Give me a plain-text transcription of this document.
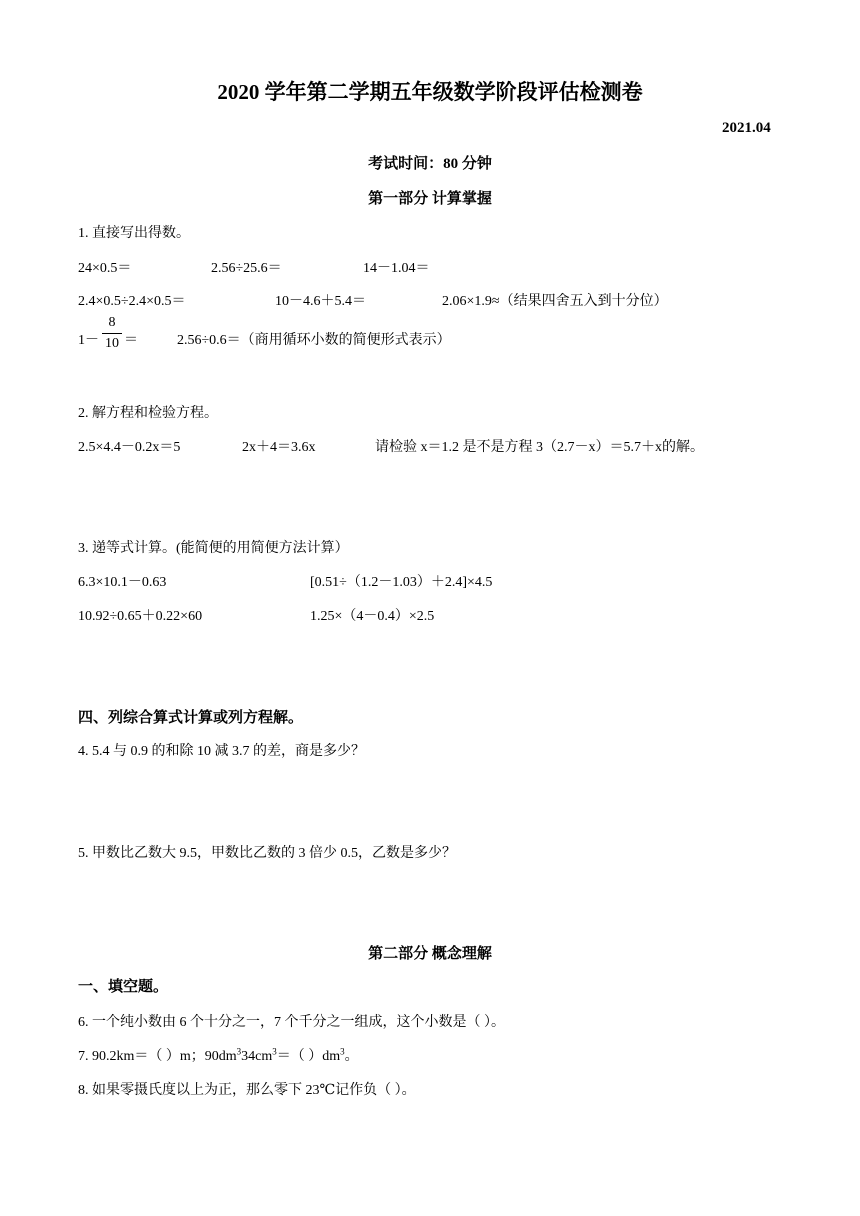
2020 学年第二学期五年级数学阶段评估检测卷
2021.04
考试时间：80 分钟
第一部分 计算掌握
1. 直接写出得数。
24×0.5＝	2.56÷25.6＝	14－1.04＝
2.4×0.5÷2.4×0.5＝	10－4.6＋5.4＝	2.06×1.9≈（结果四舍五入到十分位）
1－
8
10 ＝	2.56÷0.6＝（商用循环小数的简便形式表示）
2. 解方程和检验方程。
2.5×4.4－0.2x＝5	2x＋4＝3.6x	请检验 x＝1.2 是不是方程 3（2.7－x）＝5.7＋x的解。
3. 递等式计算。(能简便的用简便方法计算）
6.3×10.1－0.63	[0.51÷（1.2－1.03）＋2.4]×4.5
10.92÷0.65＋0.22×60	1.25×（4－0.4）×2.5
四、列综合算式计算或列方程解。
4. 5.4 与 0.9 的和除 10 减 3.7 的差，商是多少？
5. 甲数比乙数大 9.5，甲数比乙数的 3 倍少 0.5，乙数是多少？
第二部分 概念理解
一、填空题。
6. 一个纯小数由 6 个十分之一，7 个千分之一组成，这个小数是（ ）。
7. 90.2km＝（ ）m；$90dm^334cm^3=$（ ）$dm^3$。
8. 如果零摄氏度以上为正，那么零下 23℃记作负（ ）。
